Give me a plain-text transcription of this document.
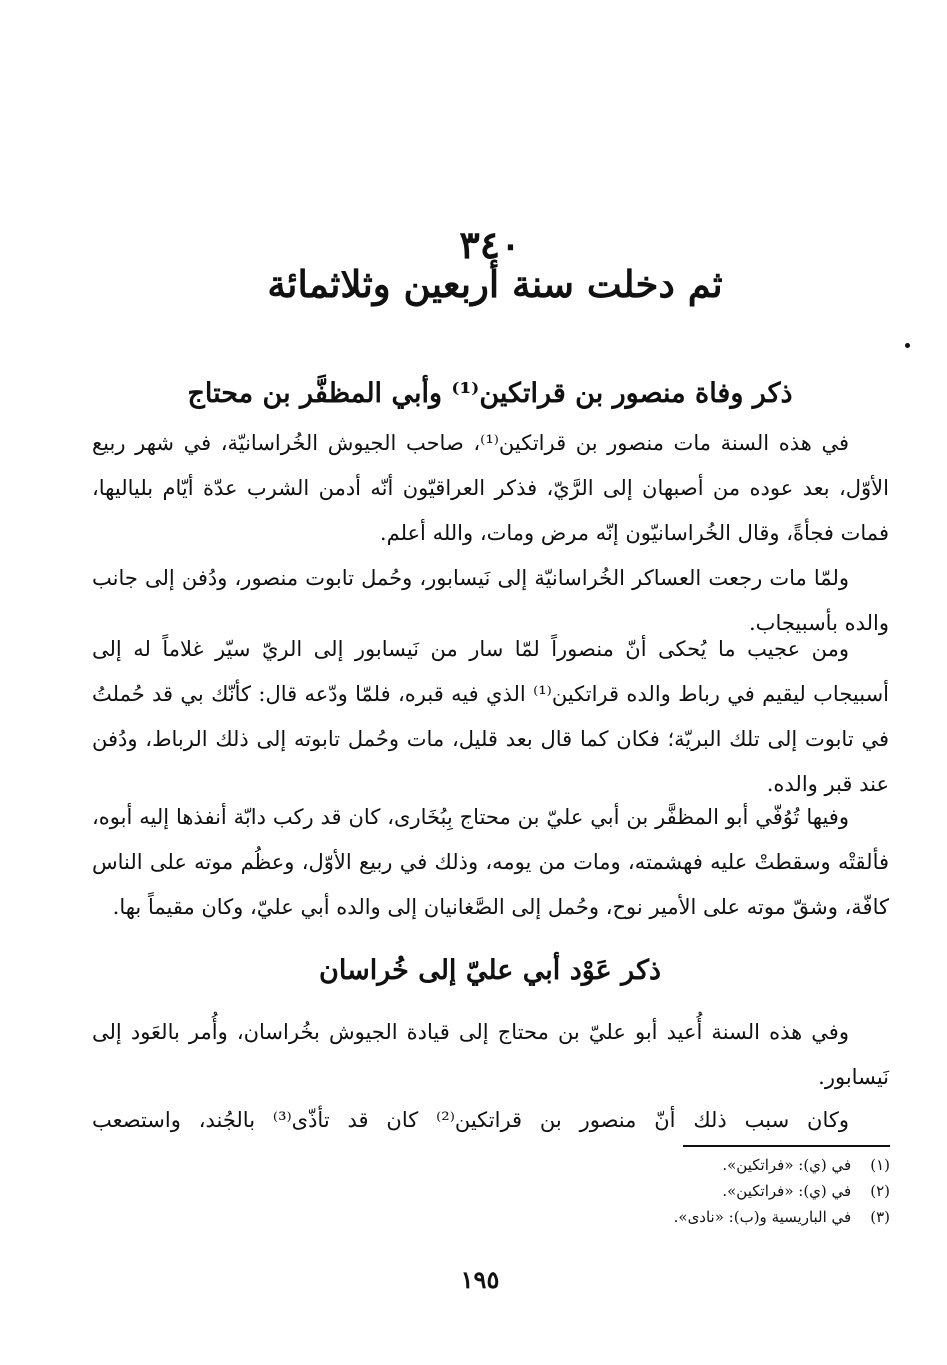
٣٤٠
ثم دخلت سنة أربعين وثلاثمائة
ذكر وفاة منصور بن قراتكين⁽¹⁾ وأبي المظفَّر بن محتاج

في هذه السنة مات منصور بن قراتكين⁽¹⁾، صاحب الجيوش الخُراسانيّة، في شهر ربيع الأوّل، بعد عوده من أصبهان إلى الرَّيّ، فذكر العراقيّون أنّه أدمن الشرب عدّة أيّام بلياليها، فمات فجأةً، وقال الخُراسانيّون إنّه مرض ومات، والله أعلم.

ولمّا مات رجعت العساكر الخُراسانيّة إلى نَيسابور، وحُمل تابوت منصور، ودُفن إلى جانب والده بأسبيجاب.

ومن عجيب ما يُحكى أنّ منصوراً لمّا سار من نَيسابور إلى الريّ سيّر غلاماً له إلى أسبيجاب ليقيم في رباط والده قراتكين⁽¹⁾ الذي فيه قبره، فلمّا ودّعه قال: كأنّك بي قد حُملتُ في تابوت إلى تلك البريّة؛ فكان كما قال بعد قليل، مات وحُمل تابوته إلى ذلك الرباط، ودُفن عند قبر والده.

وفيها تُوُفّي أبو المظفَّر بن أبي عليّ بن محتاج بِبُخَارى، كان قد ركب دابّة أنفذها إليه أبوه، فألقتْه وسقطتْ عليه فهشمته، ومات من يومه، وذلك في ربيع الأوّل، وعظُم موته على الناس كافّة، وشقّ موته على الأمير نوح، وحُمل إلى الصَّغانيان إلى والده أبي عليّ، وكان مقيماً بها.

ذكر عَوْد أبي عليّ إلى خُراسان

وفي هذه السنة أُعيد أبو عليّ بن محتاج إلى قيادة الجيوش بخُراسان، وأُمر بالعَود إلى نَيسابور.

وكان سبب ذلك أنّ منصور بن قراتكين⁽²⁾ كان قد تأذّى⁽³⁾ بالجُند، واستصعب

(١) في (ي): «فراتكين».

(٢) في (ي): «فراتكين».

(٣) في الباريسية و(ب): «نادى».

١٩٥
